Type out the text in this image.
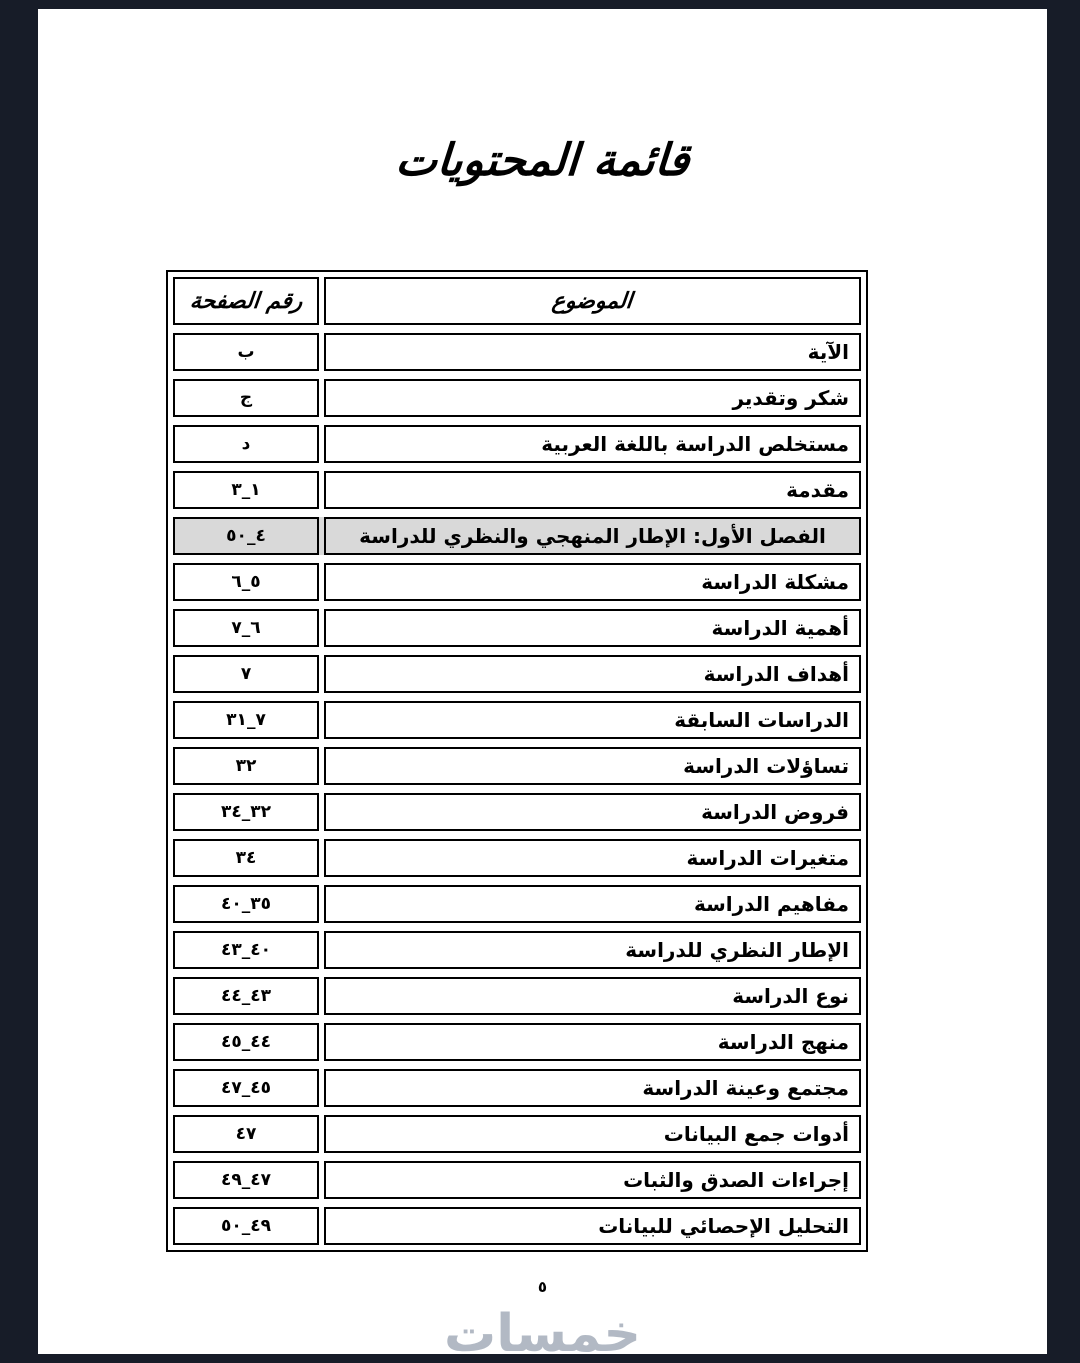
قائمة المحتويات
رقم الصفحة	الموضوع
ب	الآية
ج	شكر وتقدير
د	مستخلص الدراسة باللغة العربية
١_٣	مقدمة
٤_٥٠	الفصل الأول: الإطار المنهجي والنظري للدراسة
٥_٦	مشكلة الدراسة
٦_٧	أهمية الدراسة
٧	أهداف الدراسة
٧_٣١	الدراسات السابقة
٣٢	تساؤلات الدراسة
٣٢_٣٤	فروض الدراسة
٣٤	متغيرات الدراسة
٣٥_٤٠	مفاهيم الدراسة
٤٠_٤٣	الإطار النظري للدراسة
٤٣_٤٤	نوع الدراسة
٤٤_٤٥	منهج الدراسة
٤٥_٤٧	مجتمع وعينة الدراسة
٤٧	أدوات جمع البيانات
٤٧_٤٩	إجراءات الصدق والثبات
٤٩_٥٠	التحليل الإحصائي للبيانات
٥
خمسات
